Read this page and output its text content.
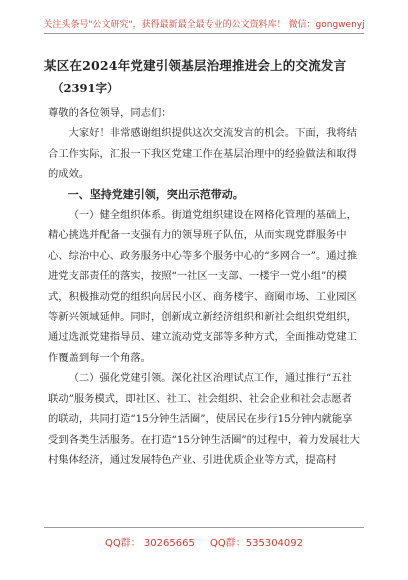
关注头条号"公文研究"，获得最新最全最专业的公文资料库！ 微信：gongwenyj
某区在2024年党建引领基层治理推进会上的交流发言
（2391字）

尊敬的各位领导，同志们：

大家好！非常感谢组织提供这次交流发言的机会。下面，我将结合工作实际，汇报一下我区党建工作在基层治理中的经验做法和取得的成效。

一、坚持党建引领，突出示范带动。

（一）健全组织体系。街道党组织建设在网格化管理的基础上，精心挑选并配备一支强有力的领导班子队伍，从而实现党群服务中心、综治中心、政务服务中心等多个服务中心的“多网合一”。通过推进党支部责任的落实，按照“一社区一支部、一楼宇一党小组”的模式，积极推动党的组织向居民小区、商务楼宇、商圈市场、工业园区等新兴领域延伸。同时，创新成立新经济组织和新社会组织党组织，通过选派党建指导员、建立流动党支部等多种方式，全面推动党建工作覆盖到每一个角落。

（二）强化党建引领。深化社区治理试点工作，通过推行“五社联动”服务模式，即社区、社工、社会组织、社会企业和社会志愿者的联动，共同打造“15分钟生活圈”，使居民在步行15分钟内就能享受到各类生活服务。在打造“15分钟生活圈”的过程中，着力发展壮大村集体经济，通过发展特色产业、引进优质企业等方式，提高村

QQ群： 30265665 QQ群：535304092
